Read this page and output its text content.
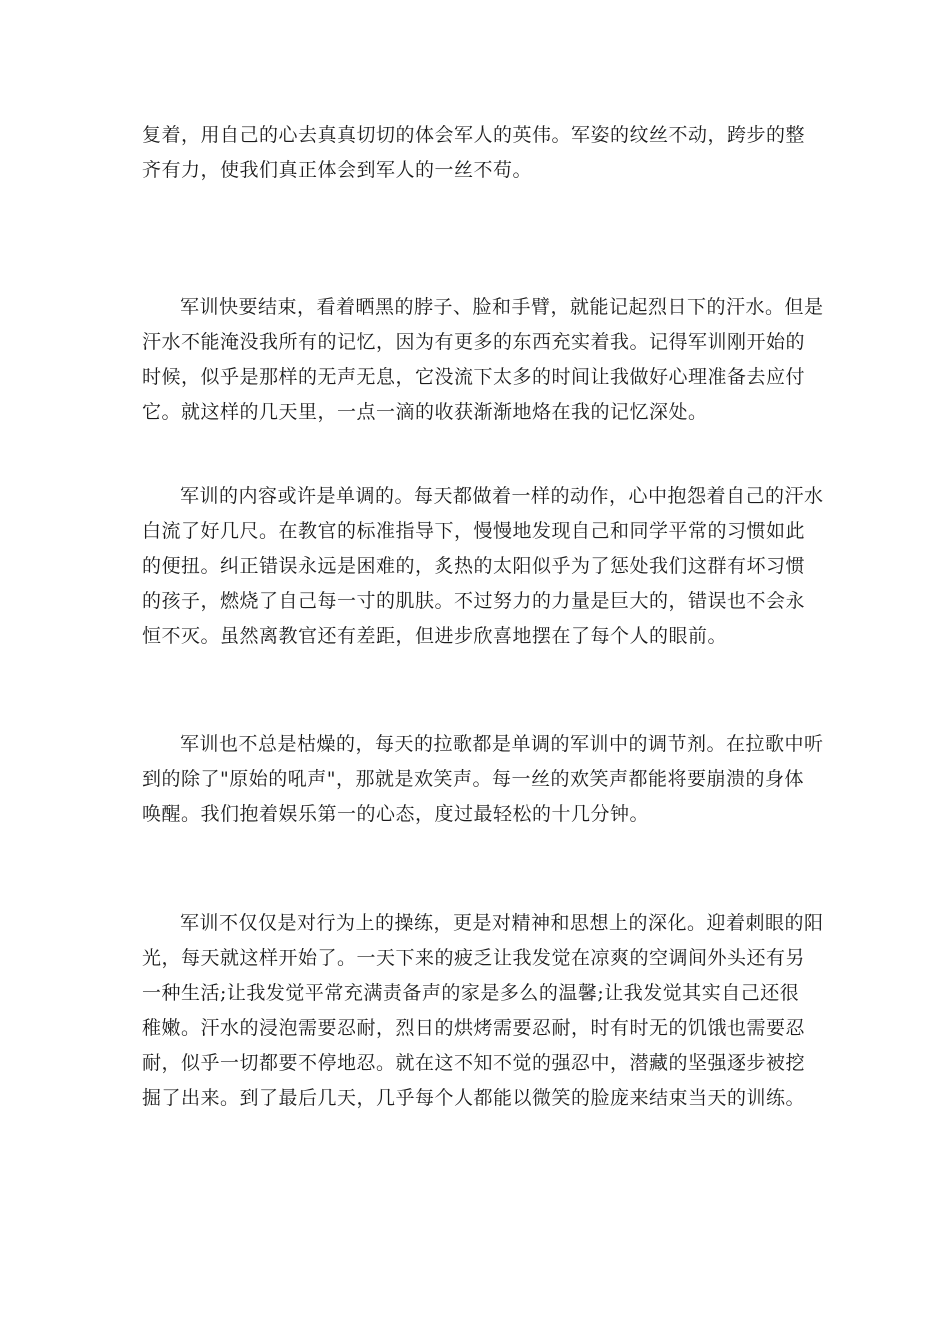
复着，用自己的心去真真切切的体会军人的英伟。军姿的纹丝不动，跨步的整
齐有力，使我们真正体会到军人的一丝不苟。

军训快要结束，看着晒黑的脖子、脸和手臂，就能记起烈日下的汗水。但是
汗水不能淹没我所有的记忆，因为有更多的东西充实着我。记得军训刚开始的
时候，似乎是那样的无声无息，它没流下太多的时间让我做好心理准备去应付
它。就这样的几天里，一点一滴的收获渐渐地烙在我的记忆深处。

军训的内容或许是单调的。每天都做着一样的动作，心中抱怨着自己的汗水
白流了好几尺。在教官的标准指导下，慢慢地发现自己和同学平常的习惯如此
的便扭。纠正错误永远是困难的，炙热的太阳似乎为了惩处我们这群有坏习惯
的孩子，燃烧了自己每一寸的肌肤。不过努力的力量是巨大的，错误也不会永
恒不灭。虽然离教官还有差距，但进步欣喜地摆在了每个人的眼前。

军训也不总是枯燥的，每天的拉歌都是单调的军训中的调节剂。在拉歌中听
到的除了"原始的吼声"，那就是欢笑声。每一丝的欢笑声都能将要崩溃的身体
唤醒。我们抱着娱乐第一的心态，度过最轻松的十几分钟。

军训不仅仅是对行为上的操练，更是对精神和思想上的深化。迎着刺眼的阳
光，每天就这样开始了。一天下来的疲乏让我发觉在凉爽的空调间外头还有另
一种生活;让我发觉平常充满责备声的家是多么的温馨;让我发觉其实自己还很
稚嫩。汗水的浸泡需要忍耐，烈日的烘烤需要忍耐，时有时无的饥饿也需要忍
耐，似乎一切都要不停地忍。就在这不知不觉的强忍中，潜藏的坚强逐步被挖
掘了出来。到了最后几天，几乎每个人都能以微笑的脸庞来结束当天的训练。
